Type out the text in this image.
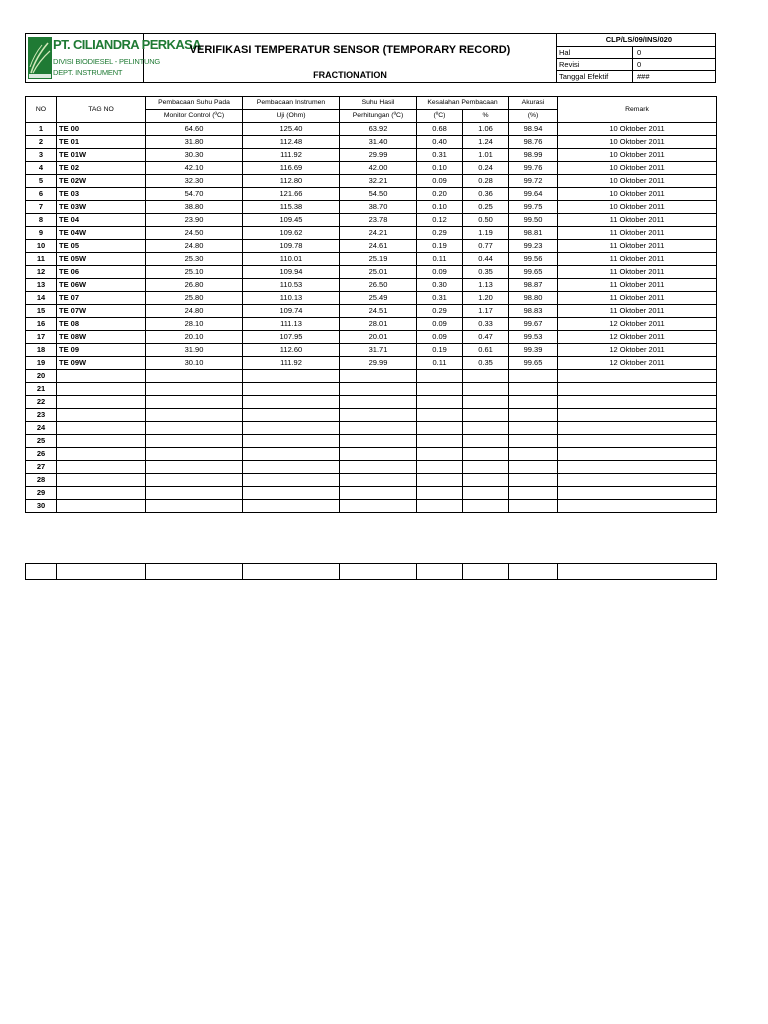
PT. CILIANDRA PERKASA
DIVISI BIODIESEL - PELINTUNG
DEPT. INSTRUMENT
VERIFIKASI TEMPERATUR SENSOR (TEMPORARY RECORD)
FRACTIONATION
CLP/LS/09/INS/020
Hal	0
Revisi	0
Tanggal Efektif	###
NO	TAG NO	Pembacaan Suhu Pada	Pembacaan Instrumen	Suhu Hasil	Kesalahan Pembacaan		Akurasi	Remark
		Monitor Control (ºC)	Uji (Ohm)	Perhitungan (ºC)	(ºC)	%	(%)	
1	TE 00	64.60	125.40	63.92	0.68	1.06	98.94	10 Oktober 2011
2	TE 01	31.80	112.48	31.40	0.40	1.24	98.76	10 Oktober 2011
3	TE 01W	30.30	111.92	29.99	0.31	1.01	98.99	10 Oktober 2011
4	TE 02	42.10	116.69	42.00	0.10	0.24	99.76	10 Oktober 2011
5	TE 02W	32.30	112.80	32.21	0.09	0.28	99.72	10 Oktober 2011
6	TE 03	54.70	121.66	54.50	0.20	0.36	99.64	10 Oktober 2011
7	TE 03W	38.80	115.38	38.70	0.10	0.25	99.75	10 Oktober 2011
8	TE 04	23.90	109.45	23.78	0.12	0.50	99.50	11 Oktober 2011
9	TE 04W	24.50	109.62	24.21	0.29	1.19	98.81	11 Oktober 2011
10	TE 05	24.80	109.78	24.61	0.19	0.77	99.23	11 Oktober 2011
11	TE 05W	25.30	110.01	25.19	0.11	0.44	99.56	11 Oktober 2011
12	TE 06	25.10	109.94	25.01	0.09	0.35	99.65	11 Oktober 2011
13	TE 06W	26.80	110.53	26.50	0.30	1.13	98.87	11 Oktober 2011
14	TE 07	25.80	110.13	25.49	0.31	1.20	98.80	11 Oktober 2011
15	TE 07W	24.80	109.74	24.51	0.29	1.17	98.83	11 Oktober 2011
16	TE 08	28.10	111.13	28.01	0.09	0.33	99.67	12 Oktober 2011
17	TE 08W	20.10	107.95	20.01	0.09	0.47	99.53	12 Oktober 2011
18	TE 09	31.90	112.60	31.71	0.19	0.61	99.39	12 Oktober 2011
19	TE 09W	30.10	111.92	29.99	0.11	0.35	99.65	12 Oktober 2011
20								
21								
22								
23								
24								
25								
26								
27								
28								
29								
30								
